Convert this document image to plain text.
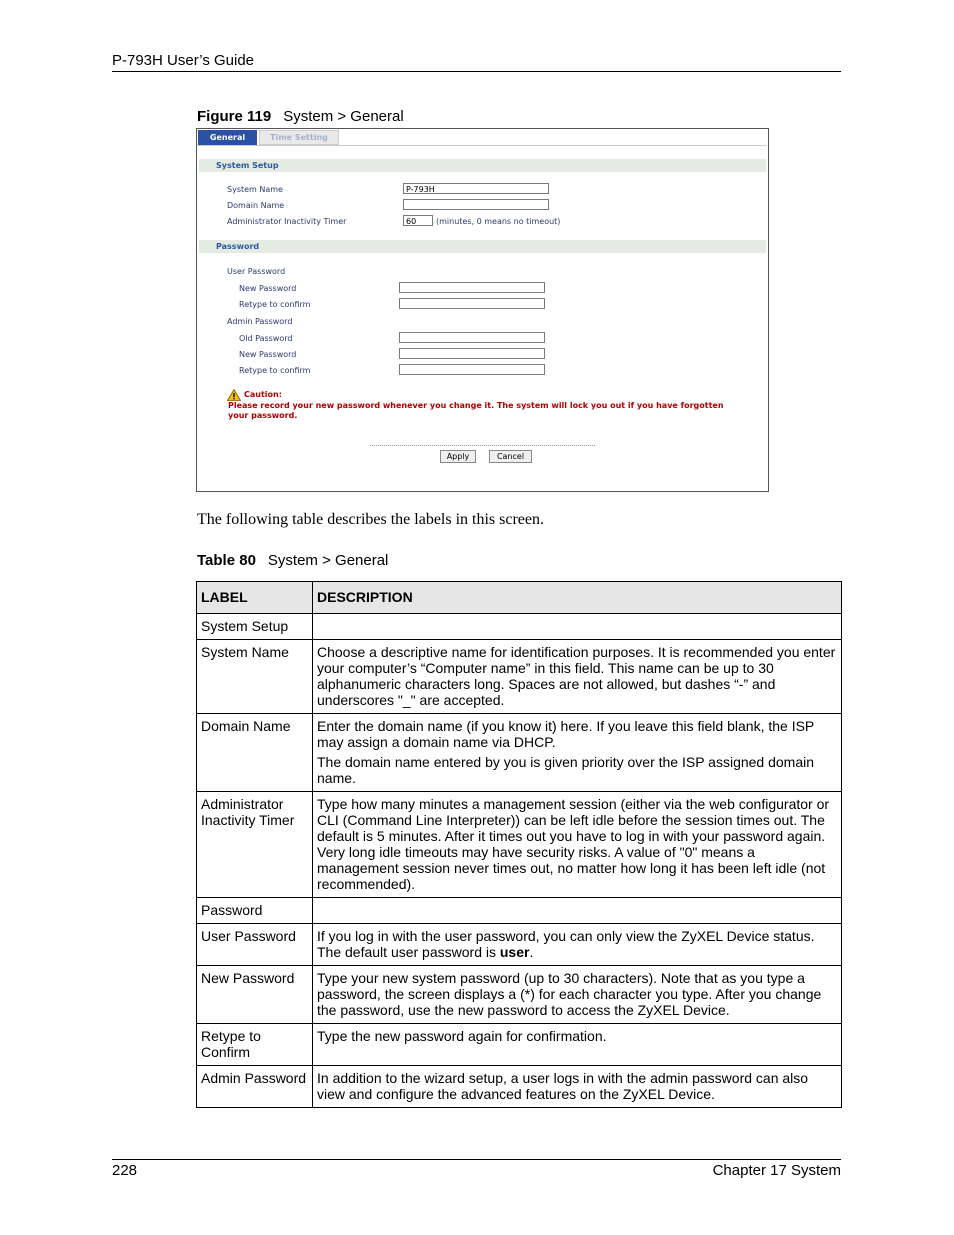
P-793H User’s Guide
Figure 119 System > General
General	Time Setting
System Setup
System Name	P-793H
Domain Name
Administrator Inactivity Timer	60	(minutes, 0 means no timeout)
Password
User Password
New Password
Retype to confirm
Admin Password
Old Password
New Password
Retype to confirm
Caution:
Please record your new password whenever you change it. The system will lock you out if you have forgotten your password.
Apply	Cancel
The following table describes the labels in this screen.
Table 80 System > General
LABEL	DESCRIPTION
System Setup	
System Name	Choose a descriptive name for identification purposes. It is recommended you enter your computer’s “Computer name” in this field. This name can be up to 30 alphanumeric characters long. Spaces are not allowed, but dashes “-” and underscores "_" are accepted.
Domain Name	Enter the domain name (if you know it) here. If you leave this field blank, the ISP may assign a domain name via DHCP.
The domain name entered by you is given priority over the ISP assigned domain name.

Administrator Inactivity Timer	Type how many minutes a management session (either via the web configurator or CLI (Command Line Interpreter)) can be left idle before the session times out. The default is 5 minutes. After it times out you have to log in with your password again. Very long idle timeouts may have security risks. A value of "0" means a management session never times out, no matter how long it has been left idle (not recommended).
Password	
User Password	If you log in with the user password, you can only view the ZyXEL Device status. The default user password is user.
New Password	Type your new system password (up to 30 characters). Note that as you type a password, the screen displays a (*) for each character you type. After you change the password, use the new password to access the ZyXEL Device.
Retype to Confirm	Type the new password again for confirmation.
Admin Password	In addition to the wizard setup, a user logs in with the admin password can also view and configure the advanced features on the ZyXEL Device.
228	Chapter 17 System
